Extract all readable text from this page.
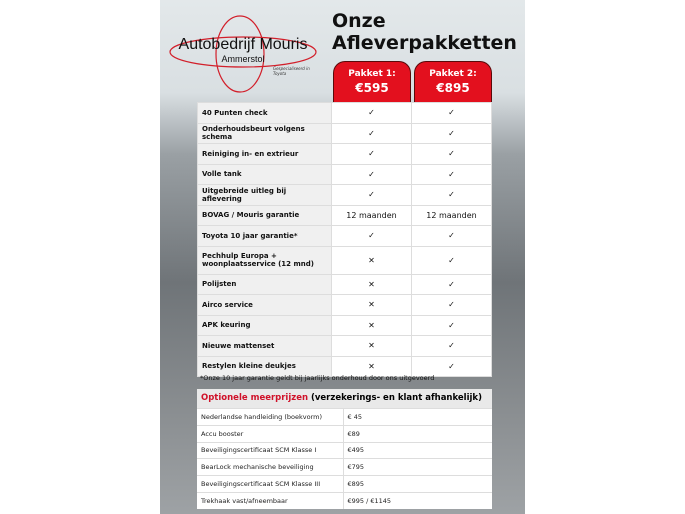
Autobedrijf Mouris
Ammerstol
Gespecialiseerd in Toyota
Onze
Afleverpakketten
Pakket 1:
€595
Pakket 2:
€895
40 Punten check	✓	✓
Onderhoudsbeurt volgens schema	✓	✓
Reiniging in- en extrieur	✓	✓
Volle tank	✓	✓
Uitgebreide uitleg bij aflevering	✓	✓
BOVAG / Mouris garantie	12 maanden	12 maanden
Toyota 10 jaar garantie*	✓	✓
Pechhulp Europa + woonplaatsservice (12 mnd)	✕	✓
Polijsten	✕	✓
Airco service	✕	✓
APK keuring	✕	✓
Nieuwe mattenset	✕	✓
Restylen kleine deukjes	✕	✓
*Onze 10 jaar garantie geldt bij jaarlijks onderhoud door ons uitgevoerd
Optionele meerprijzen (verzekerings- en klant afhankelijk)
Nederlandse handleiding (boekvorm)	€ 45
Accu booster	€89
Beveiligingscertificaat SCM Klasse I	€495
BearLock mechanische beveiliging	€795
Beveiligingscertificaat SCM Klasse III	€895
Trekhaak vast/afneembaar	€995 / €1145
